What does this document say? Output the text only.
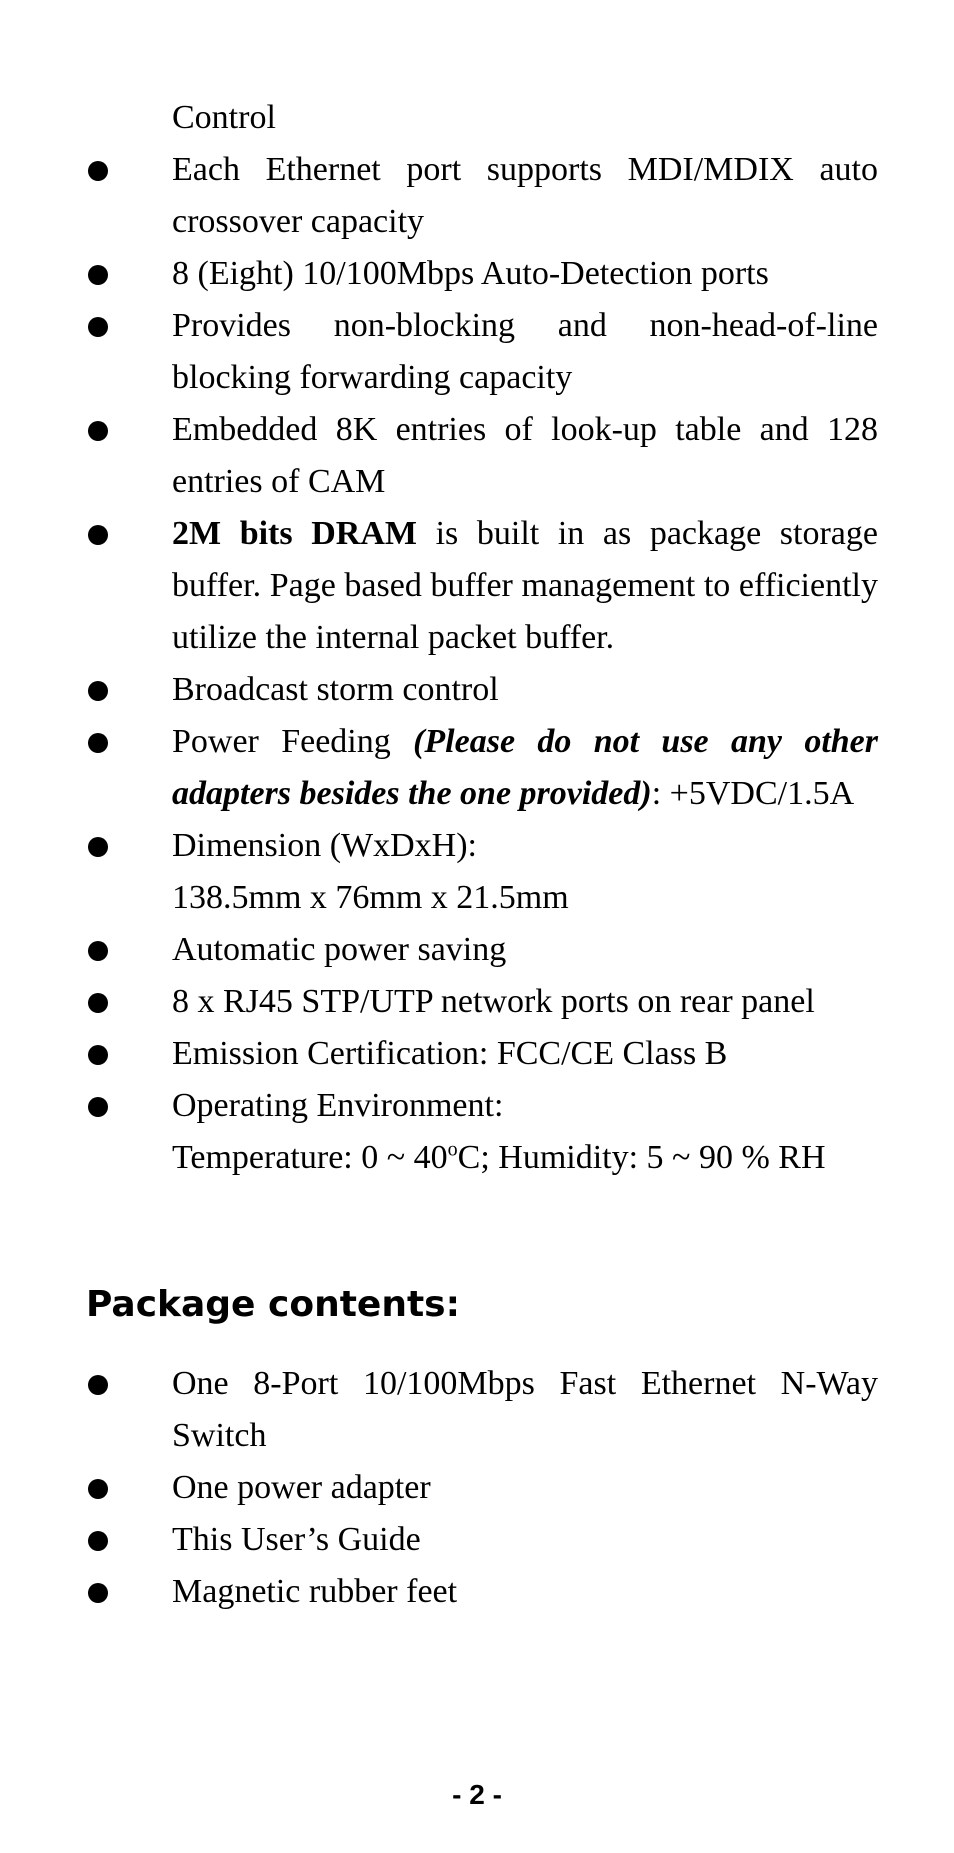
Control

Each Ethernet port supports MDI/MDIX auto crossover capacity
8 (Eight) 10/100Mbps Auto-Detection ports
Provides non-blocking and non-head-of-line blocking forwarding capacity
Embedded 8K entries of look-up table and 128 entries of CAM
2M bits DRAM is built in as package storage buffer. Page based buffer management to efficiently utilize the internal packet buffer.
Broadcast storm control
Power Feeding (Please do not use any other adapters besides the one provided): +5VDC/1.5A
Dimension (WxDxH):
138.5mm x 76mm x 21.5mm
Automatic power saving
8 x RJ45 STP/UTP network ports on rear panel
Emission Certification: FCC/CE Class B
Operating Environment:
Temperature: 0 ~ 40$^o$C; Humidity: 5 ~ 90 % RH
Package contents:
One 8-Port 10/100Mbps Fast Ethernet N-Way Switch
One power adapter
This User’s Guide
Magnetic rubber feet

- 2 -
